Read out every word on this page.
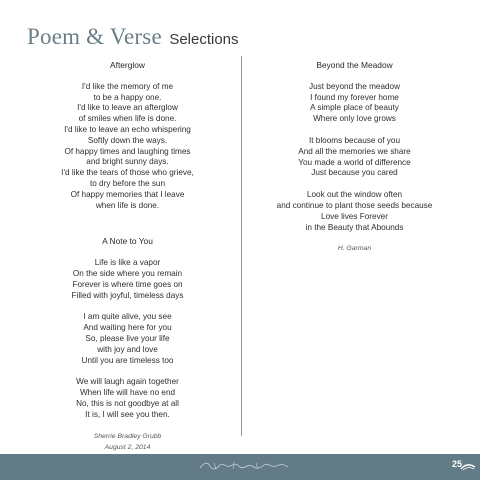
Poem & Verse Selections
Afterglow
I'd like the memory of me
to be a happy one.
I'd like to leave an afterglow
of smiles when life is done.
I'd like to leave an echo whispering
Softly down the ways.
Of happy times and laughing times
and bright sunny days.
I'd like the tears of those who grieve,
to dry before the sun
Of happy memories that I leave
when life is done.
A Note to You
Life is like a vapor
On the side where you remain
Forever is where time goes on
Filled with joyful, timeless days
I am quite alive, you see
And waiting here for you
So, please live your life
with joy and love
Until you are timeless too
We will laugh again together
When life will have no end
No, this is not goodbye at all
It is, I will see you then.
Sherrie Bradley Grubb
August 2, 2014
Beyond the Meadow
Just beyond the meadow
I found my forever home
A simple place of beauty
Where only love grows
It blooms because of you
And all the memories we share
You made a world of difference
Just because you cared
Look out the window often
and continue to plant those seeds because
Love lives Forever
in the Beauty that Abounds
H. Garman
25
